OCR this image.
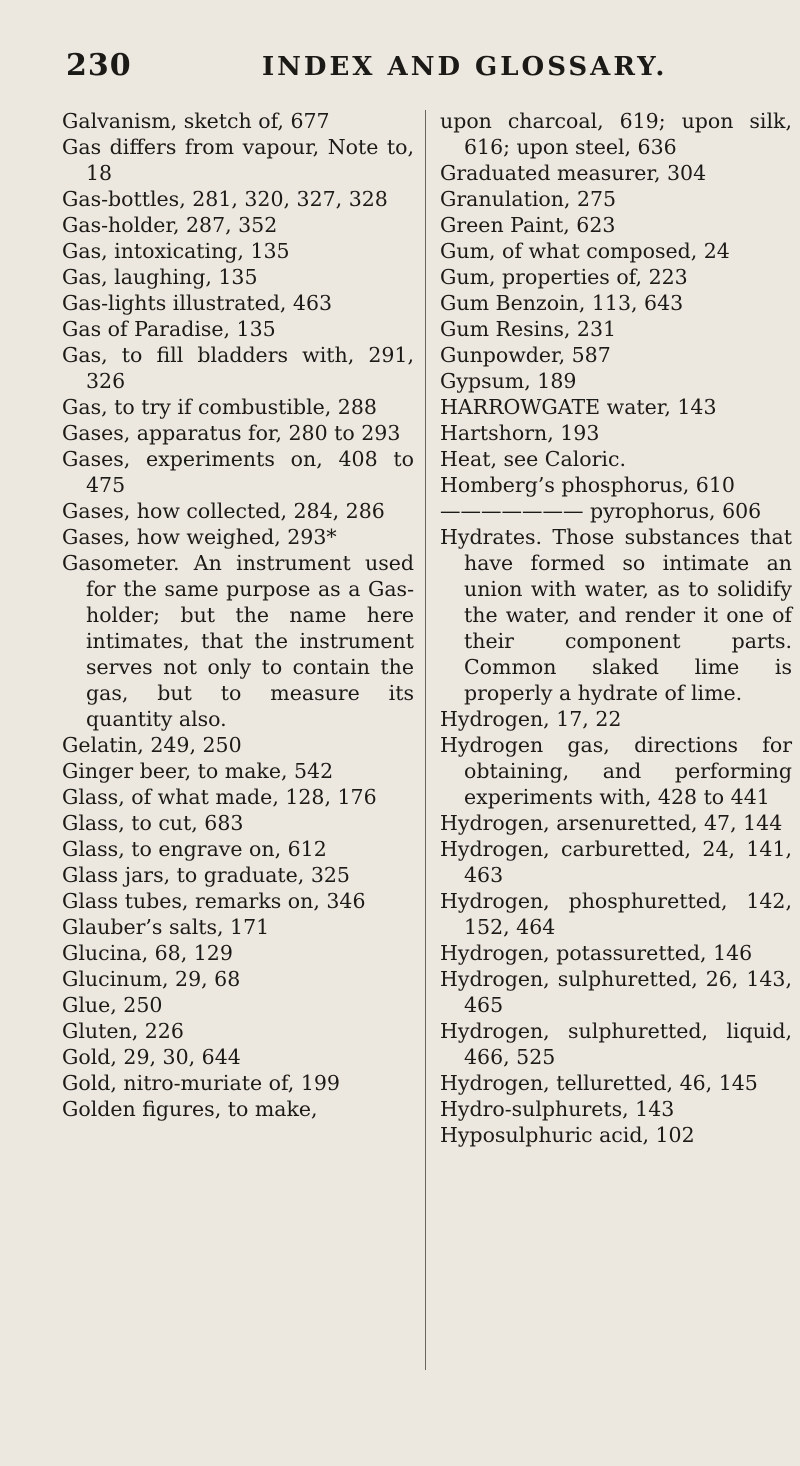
230	INDEX AND GLOSSARY.

Galvanism, sketch of, 677

Gas differs from vapour, Note to, 18

Gas-bottles, 281, 320, 327, 328

Gas-holder, 287, 352

Gas, intoxicating, 135

Gas, laughing, 135

Gas-lights illustrated, 463

Gas of Paradise, 135

Gas, to fill bladders with, 291, 326

Gas, to try if combustible, 288

Gases, apparatus for, 280 to 293

Gases, experiments on, 408 to 475

Gases, how collected, 284, 286

Gases, how weighed, 293*

Gasometer. An instrument used for the same purpose as a Gas-holder; but the name here intimates, that the instrument serves not only to contain the gas, but to measure its quantity also.

Gelatin, 249, 250

Ginger beer, to make, 542

Glass, of what made, 128, 176

Glass, to cut, 683

Glass, to engrave on, 612

Glass jars, to graduate, 325

Glass tubes, remarks on, 346

Glauber’s salts, 171

Glucina, 68, 129

Glucinum, 29, 68

Glue, 250

Gluten, 226

Gold, 29, 30, 644

Gold, nitro-muriate of, 199

Golden figures, to make,

upon charcoal, 619; upon silk, 616; upon steel, 636

Graduated measurer, 304

Granulation, 275

Green Paint, 623

Gum, of what composed, 24

Gum, properties of, 223

Gum Benzoin, 113, 643

Gum Resins, 231

Gunpowder, 587

Gypsum, 189

HARROWGATE water, 143

Hartshorn, 193

Heat, see Caloric.

Homberg’s phosphorus, 610

——————— pyrophorus, 606

Hydrates. Those substances that have formed so intimate an union with water, as to solidify the water, and render it one of their component parts. Common slaked lime is properly a hydrate of lime.

Hydrogen, 17, 22

Hydrogen gas, directions for obtaining, and performing experiments with, 428 to 441

Hydrogen, arsenuretted, 47, 144

Hydrogen, carburetted, 24, 141, 463

Hydrogen, phosphuretted, 142, 152, 464

Hydrogen, potassuretted, 146

Hydrogen, sulphuretted, 26, 143, 465

Hydrogen, sulphuretted, liquid, 466, 525

Hydrogen, telluretted, 46, 145

Hydro-sulphurets, 143

Hyposulphuric acid, 102
